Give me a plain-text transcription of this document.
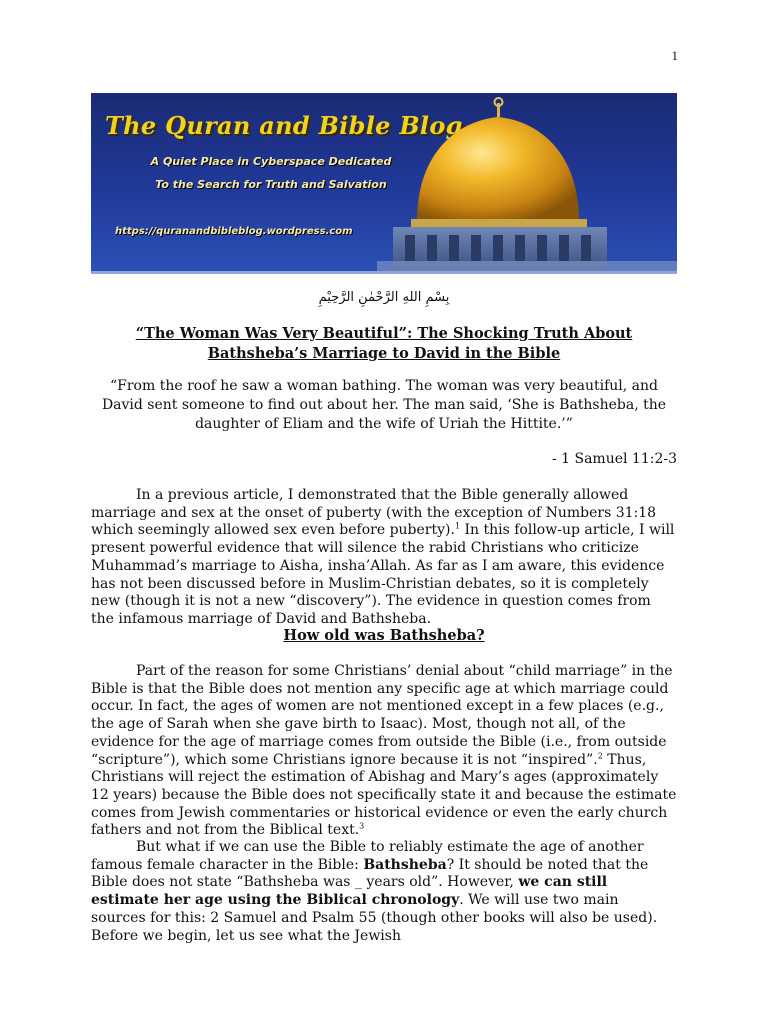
1
The Quran and Bible Blog
A Quiet Place in Cyberspace Dedicated
To the Search for Truth and Salvation
https://quranandbibleblog.wordpress.com
بِسْمِ اللهِ الرَّحْمٰنِ الرَّحِيْمِ
“The Woman Was Very Beautiful”: The Shocking Truth About Bathsheba’s Marriage to David in the Bible
“From the roof he saw a woman bathing. The woman was very beautiful, and David sent someone to find out about her. The man said, ‘She is Bathsheba, the daughter of Eliam and the wife of Uriah the Hittite.’”
- 1 Samuel 11:2-3

In a previous article, I demonstrated that the Bible generally allowed marriage and sex at the onset of puberty (with the exception of Numbers 31:18 which seemingly allowed sex even before puberty).$^1$ In this follow-up article, I will present powerful evidence that will silence the rabid Christians who criticize Muhammad’s marriage to Aisha, insha’Allah. As far as I am aware, this evidence has not been discussed before in Muslim-Christian debates, so it is completely new (though it is not a new “discovery”). The evidence in question comes from the infamous marriage of David and Bathsheba.

How old was Bathsheba?

Part of the reason for some Christians’ denial about “child marriage” in the Bible is that the Bible does not mention any specific age at which marriage could occur. In fact, the ages of women are not mentioned except in a few places (e.g., the age of Sarah when she gave birth to Isaac). Most, though not all, of the evidence for the age of marriage comes from outside the Bible (i.e., from outside “scripture”), which some Christians ignore because it is not “inspired”.$^2$ Thus, Christians will reject the estimation of Abishag and Mary’s ages (approximately 12 years) because the Bible does not specifically state it and because the estimate comes from Jewish commentaries or historical evidence or even the early church fathers and not from the Biblical text.$^3$

But what if we can use the Bible to reliably estimate the age of another famous female character in the Bible: Bathsheba? It should be noted that the Bible does not state “Bathsheba was _ years old”. However, we can still estimate her age using the Biblical chronology. We will use two main sources for this: 2 Samuel and Psalm 55 (though other books will also be used). Before we begin, let us see what the Jewish
